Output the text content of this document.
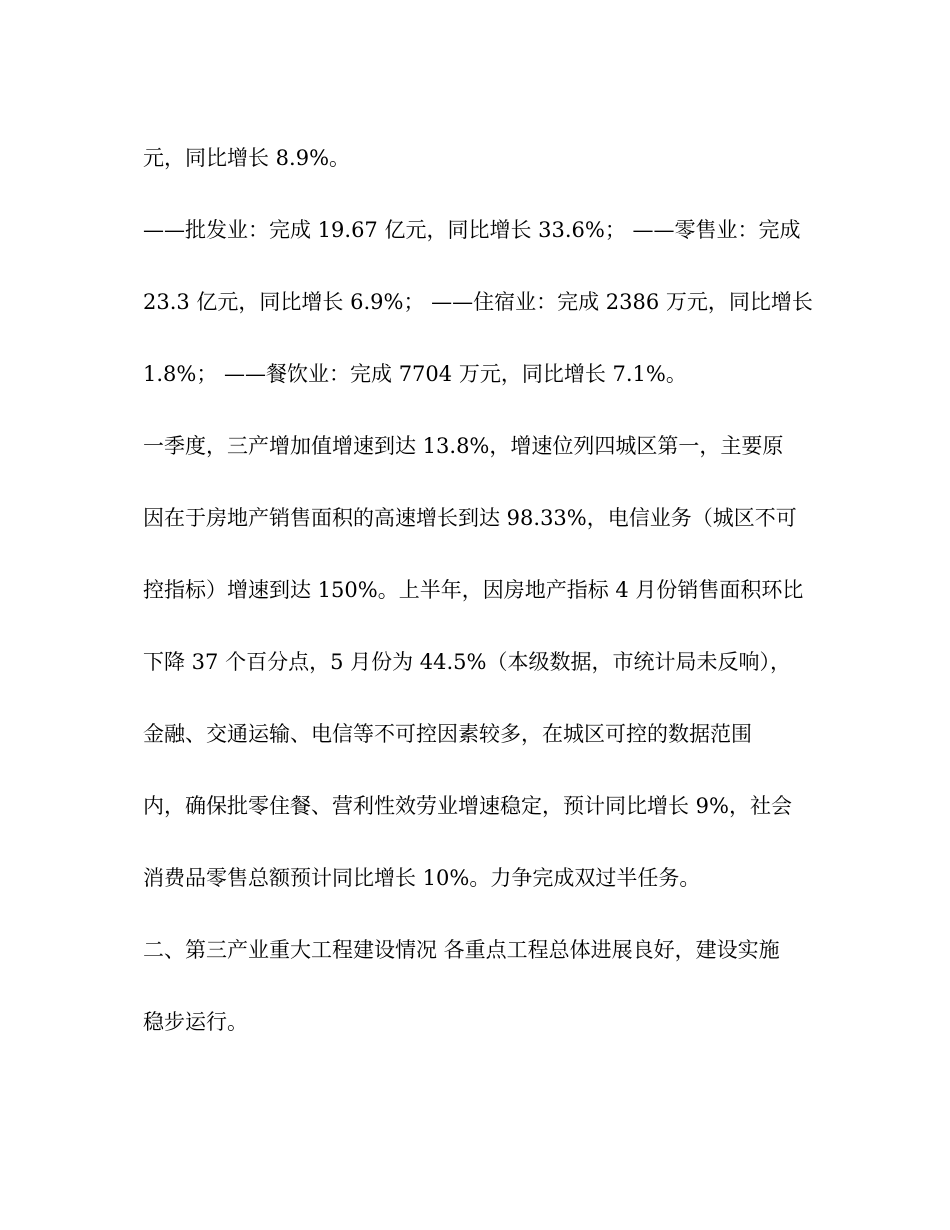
元，同比增长 8.9%。
——批发业：完成 19.67 亿元，同比增长 33.6%； ——零售业：完成
23.3 亿元，同比增长 6.9%； ——住宿业：完成 2386 万元，同比增长
1.8%； ——餐饮业：完成 7704 万元，同比增长 7.1%。
一季度，三产增加值增速到达 13.8%，增速位列四城区第一，主要原
因在于房地产销售面积的高速增长到达 98.33%，电信业务（城区不可
控指标）增速到达 150%。上半年，因房地产指标 4 月份销售面积环比
下降 37 个百分点，5 月份为 44.5%（本级数据，市统计局未反响），
金融、交通运输、电信等不可控因素较多，在城区可控的数据范围
内，确保批零住餐、营利性效劳业增速稳定，预计同比增长 9%，社会
消费品零售总额预计同比增长 10%。力争完成双过半任务。
二、第三产业重大工程建设情况 各重点工程总体进展良好，建设实施
稳步运行。
